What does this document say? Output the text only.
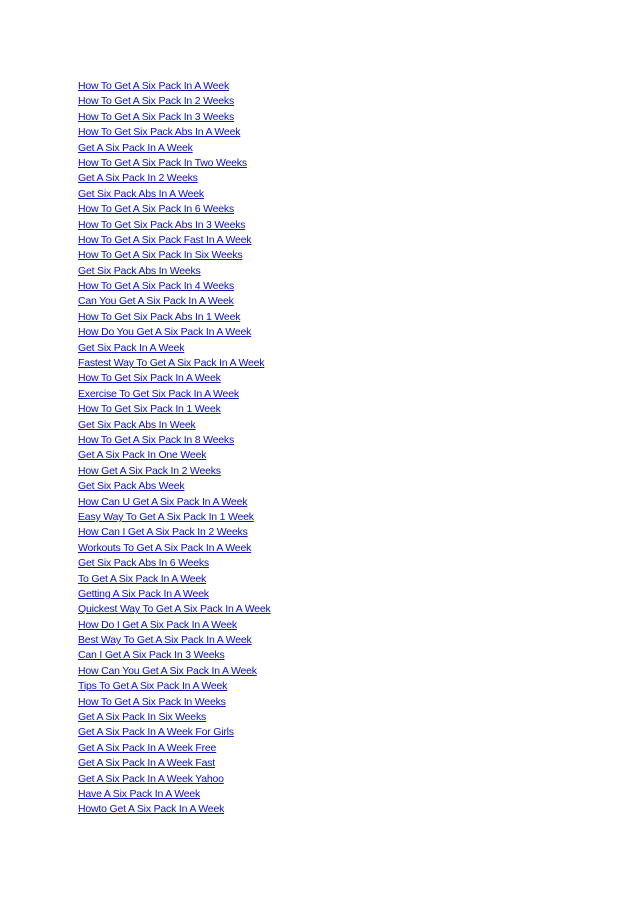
How To Get A Six Pack In A Week
How To Get A Six Pack In 2 Weeks
How To Get A Six Pack In 3 Weeks
How To Get Six Pack Abs In A Week
Get A Six Pack In A Week
How To Get A Six Pack In Two Weeks
Get A Six Pack In 2 Weeks
Get Six Pack Abs In A Week
How To Get A Six Pack In 6 Weeks
How To Get Six Pack Abs In 3 Weeks
How To Get A Six Pack Fast In A Week
How To Get A Six Pack In Six Weeks
Get Six Pack Abs In Weeks
How To Get A Six Pack In 4 Weeks
Can You Get A Six Pack In A Week
How To Get Six Pack Abs In 1 Week
How Do You Get A Six Pack In A Week
Get Six Pack In A Week
Fastest Way To Get A Six Pack In A Week
How To Get Six Pack In A Week
Exercise To Get Six Pack In A Week
How To Get Six Pack In 1 Week
Get Six Pack Abs In Week
How To Get A Six Pack In 8 Weeks
Get A Six Pack In One Week
How Get A Six Pack In 2 Weeks
Get Six Pack Abs Week
How Can U Get A Six Pack In A Week
Easy Way To Get A Six Pack In 1 Week
How Can I Get A Six Pack In 2 Weeks
Workouts To Get A Six Pack In A Week
Get Six Pack Abs In 6 Weeks
To Get A Six Pack In A Week
Getting A Six Pack In A Week
Quickest Way To Get A Six Pack In A Week
How Do I Get A Six Pack In A Week
Best Way To Get A Six Pack In A Week
Can I Get A Six Pack In 3 Weeks
How Can You Get A Six Pack In A Week
Tips To Get A Six Pack In A Week
How To Get A Six Pack In Weeks
Get A Six Pack In Six Weeks
Get A Six Pack In A Week For Girls
Get A Six Pack In A Week Free
Get A Six Pack In A Week Fast
Get A Six Pack In A Week Yahoo
Have A Six Pack In A Week
Howto Get A Six Pack In A Week
